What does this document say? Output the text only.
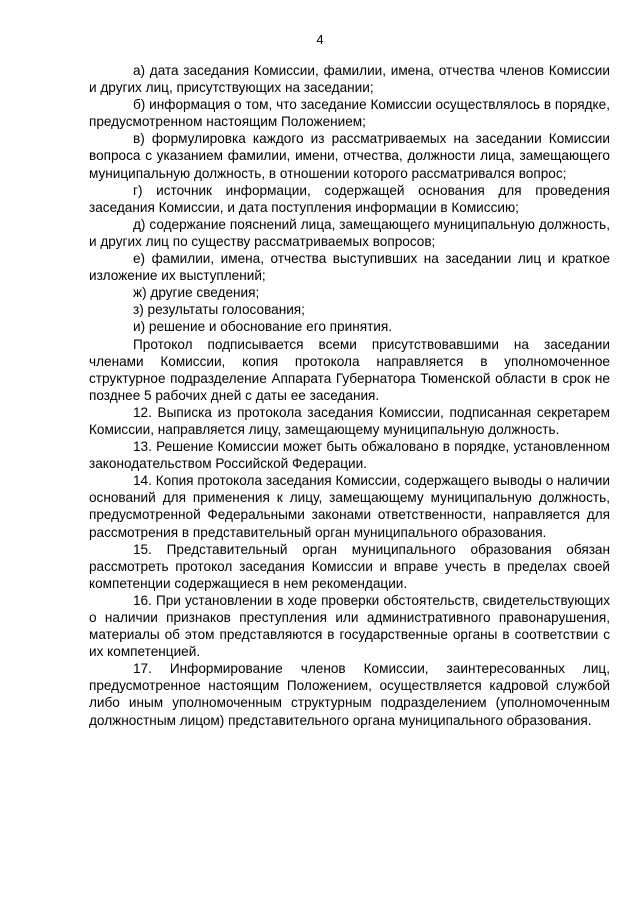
4

а) дата заседания Комиссии, фамилии, имена, отчества членов Комиссии и других лиц, присутствующих на заседании;

б) информация о том, что заседание Комиссии осуществлялось в порядке, предусмотренном настоящим Положением;

в) формулировка каждого из рассматриваемых на заседании Комиссии вопроса с указанием фамилии, имени, отчества, должности лица, замещающего муниципальную должность, в отношении которого рассматривался вопрос;

г) источник информации, содержащей основания для проведения заседания Комиссии, и дата поступления информации в Комиссию;

д) содержание пояснений лица, замещающего муниципальную должность, и других лиц по существу рассматриваемых вопросов;

е) фамилии, имена, отчества выступивших на заседании лиц и краткое изложение их выступлений;

ж) другие сведения;

з) результаты голосования;

и) решение и обоснование его принятия.

Протокол подписывается всеми присутствовавшими на заседании членами Комиссии, копия протокола направляется в уполномоченное структурное подразделение Аппарата Губернатора Тюменской области в срок не позднее 5 рабочих дней с даты ее заседания.

12. Выписка из протокола заседания Комиссии, подписанная секретарем Комиссии, направляется лицу, замещающему муниципальную должность.

13. Решение Комиссии может быть обжаловано в порядке, установленном законодательством Российской Федерации.

14. Копия протокола заседания Комиссии, содержащего выводы о наличии оснований для применения к лицу, замещающему муниципальную должность, предусмотренной Федеральными законами ответственности, направляется для рассмотрения в представительный орган муниципального образования.

15. Представительный орган муниципального образования обязан рассмотреть протокол заседания Комиссии и вправе учесть в пределах своей компетенции содержащиеся в нем рекомендации.

16. При установлении в ходе проверки обстоятельств, свидетельствующих о наличии признаков преступления или административного правонарушения, материалы об этом представляются в государственные органы в соответствии с их компетенцией.

17. Информирование членов Комиссии, заинтересованных лиц, предусмотренное настоящим Положением, осуществляется кадровой службой либо иным уполномоченным структурным подразделением (уполномоченным должностным лицом) представительного органа муниципального образования.
